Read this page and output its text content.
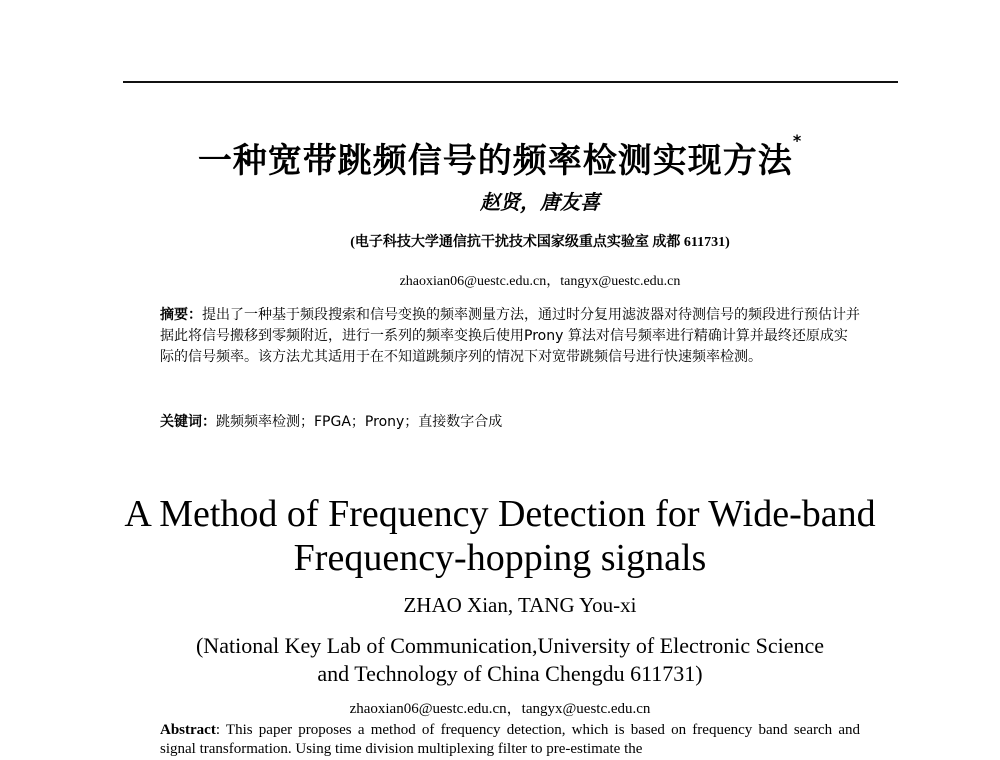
一种宽带跳频信号的频率检测实现方法*
赵贤，唐友喜
(电子科技大学通信抗干扰技术国家级重点实验室 成都 611731)
zhaoxian06@uestc.edu.cn，tangyx@uestc.edu.cn
摘要：提出了一种基于频段搜索和信号变换的频率测量方法，通过时分复用滤波器对待测信号的频段进行预估计并据此将信号搬移到零频附近，进行一系列的频率变换后使用Prony 算法对信号频率进行精确计算并最终还原成实际的信号频率。该方法尤其适用于在不知道跳频序列的情况下对宽带跳频信号进行快速频率检测。
关键词：跳频频率检测；FPGA；Prony；直接数字合成
A Method of Frequency Detection for Wide-band
Frequency-hopping signals
ZHAO Xian, TANG You-xi
(National Key Lab of Communication,University of Electronic Science
and Technology of China Chengdu 611731)
zhaoxian06@uestc.edu.cn，tangyx@uestc.edu.cn
Abstract: This paper proposes a method of frequency detection, which is based on frequency band search and signal transformation. Using time division multiplexing filter to pre-estimate the
